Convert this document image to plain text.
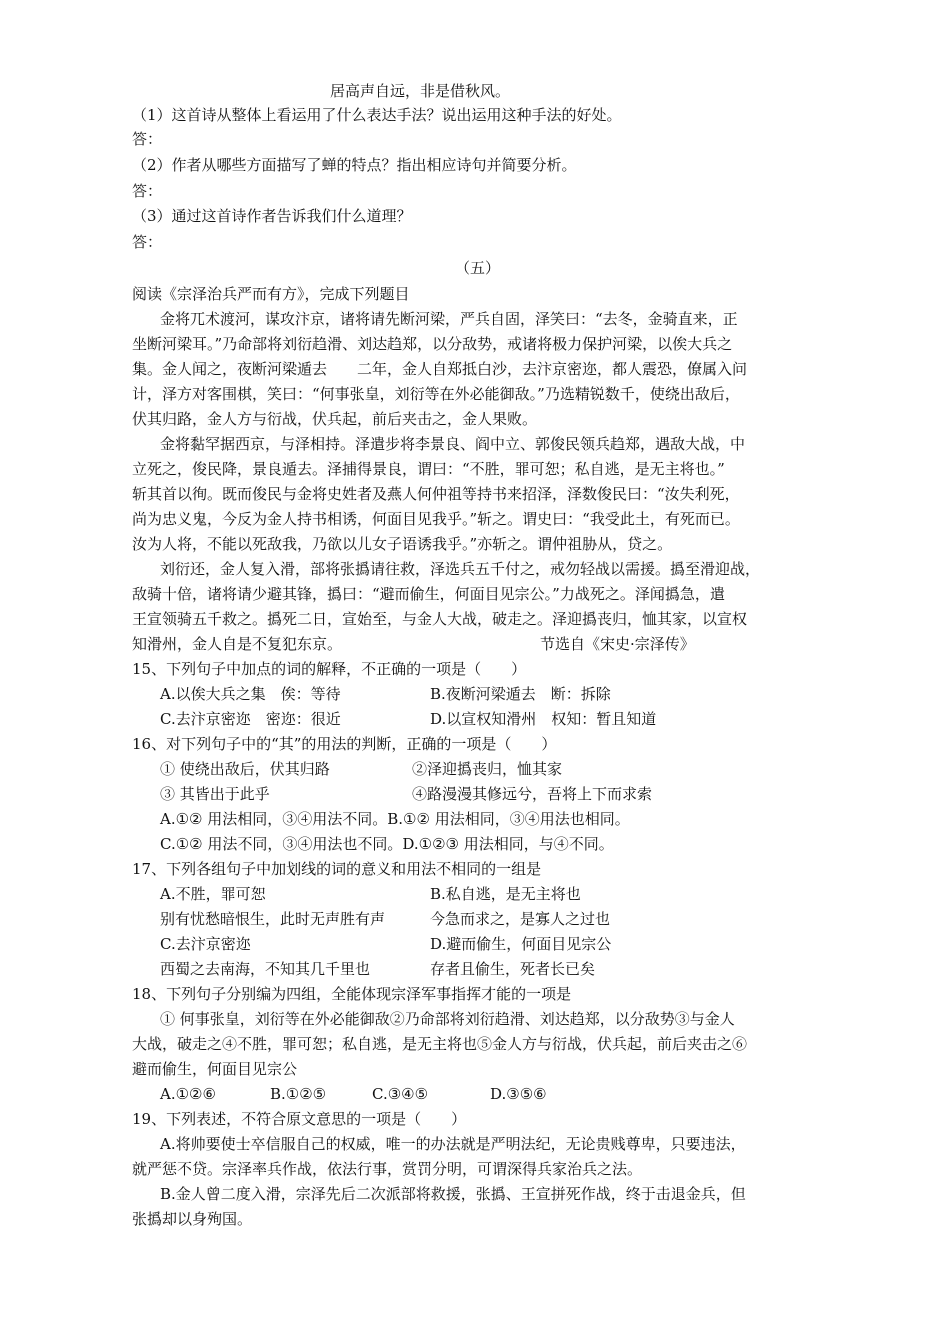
居高声自远，非是借秋风。
（1）这首诗从整体上看运用了什么表达手法？说出运用这种手法的好处。
答：
（2）作者从哪些方面描写了蝉的特点？指出相应诗句并简要分析。
答：
（3）通过这首诗作者告诉我们什么道理？
答：
（五）
阅读《宗泽治兵严而有方》，完成下列题目
金将兀术渡河，谋攻汴京，诸将请先断河梁，严兵自固，泽笑曰：“去冬，金骑直来，正
坐断河梁耳。”乃命部将刘衍趋滑、刘达趋郑，以分敌势，戒诸将极力保护河梁，以俟大兵之
集。金人闻之，夜断河梁遁去　　二年，金人自郑抵白沙，去汴京密迩，都人震恐，僚属入问
计，泽方对客围棋，笑曰：“何事张皇，刘衍等在外必能御敌。”乃选精锐数千，使绕出敌后，
伏其归路，金人方与衍战，伏兵起，前后夹击之，金人果败。
金将黏罕据西京，与泽相持。泽遣步将李景良、阎中立、郭俊民领兵趋郑，遇敌大战，中
立死之，俊民降，景良遁去。泽捕得景良，谓曰：“不胜，罪可恕；私自逃，是无主将也。”
斩其首以徇。既而俊民与金将史姓者及燕人何仲祖等持书来招泽，泽数俊民曰：“汝失利死，
尚为忠义鬼，今反为金人持书相诱，何面目见我乎。”斩之。谓史曰：“我受此土，有死而已。
汝为人将，不能以死敌我，乃欲以儿女子语诱我乎。”亦斩之。谓仲祖胁从，贷之。
刘衍还，金人复入滑，部将张撝请往救，泽选兵五千付之，戒勿轻战以需援。撝至滑迎战，
敌骑十倍，诸将请少避其锋，撝曰：“避而偷生，何面目见宗公。”力战死之。泽闻撝急，遣
王宣领骑五千救之。撝死二日，宣始至，与金人大战，破走之。泽迎撝丧归，恤其家，以宣权
知滑州，金人自是不复犯东京。	节选自《宋史·宗泽传》
15、下列句子中加点的词的解释，不正确的一项是（　　）
A.以俟大兵之集　俟：等待	B.夜断河梁遁去　断：拆除
C.去汴京密迩　密迩：很近	D.以宣权知滑州　权知：暂且知道
16、对下列句子中的“其”的用法的判断，正确的一项是（　　）
① 使绕出敌后，伏其归路	②泽迎撝丧归，恤其家
③ 其皆出于此乎	④路漫漫其修远兮，吾将上下而求索
A.①② 用法相同，③④用法不同。B.①② 用法相同，③④用法也相同。
C.①② 用法不同，③④用法也不同。D.①②③ 用法相同，与④不同。
17、下列各组句子中加划线的词的意义和用法不相同的一组是
A.不胜，罪可恕	B.私自逃，是无主将也
别有忧愁暗恨生，此时无声胜有声	今急而求之，是寡人之过也
C.去汴京密迩	D.避而偷生，何面目见宗公
西蜀之去南海，不知其几千里也	存者且偷生，死者长已矣
18、下列句子分别编为四组，全能体现宗泽军事指挥才能的一项是
① 何事张皇，刘衍等在外必能御敌②乃命部将刘衍趋滑、刘达趋郑，以分敌势③与金人
大战，破走之④不胜，罪可恕；私自逃，是无主将也⑤金人方与衍战，伏兵起，前后夹击之⑥
避而偷生，何面目见宗公
A.①②⑥	B.①②⑤	C.③④⑤	D.③⑤⑥
19、下列表述，不符合原文意思的一项是（　　）
A.将帅要使士卒信服自己的权威，唯一的办法就是严明法纪，无论贵贱尊卑，只要违法，
就严惩不贷。宗泽率兵作战，依法行事，赏罚分明，可谓深得兵家治兵之法。
B.金人曾二度入滑，宗泽先后二次派部将救援，张撝、王宣拼死作战，终于击退金兵，但
张撝却以身殉国。
